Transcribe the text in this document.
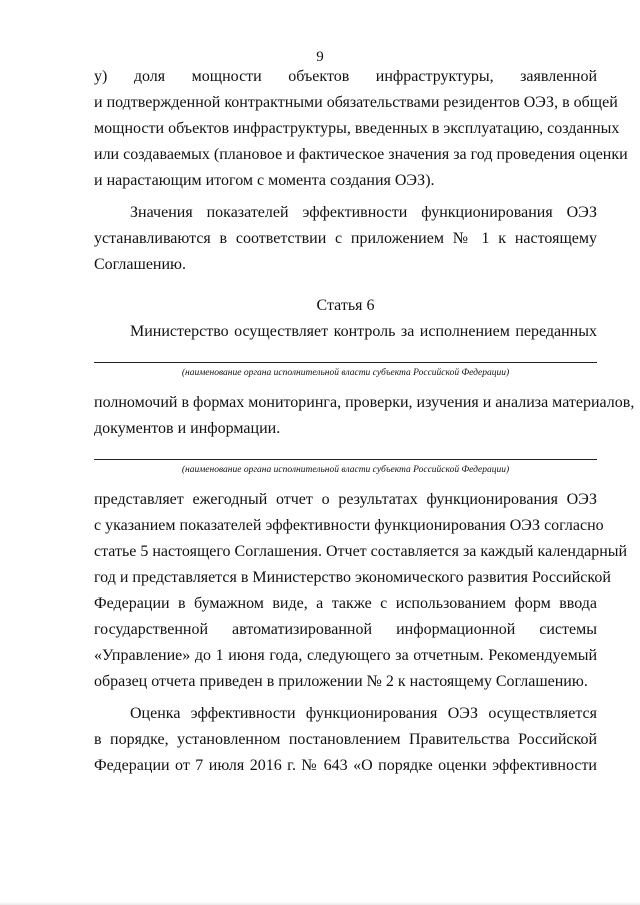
9
у)    доля    мощности    объектов    инфраструктуры,    заявленной
и подтвержденной контрактными обязательствами резидентов ОЭЗ, в общей
мощности объектов инфраструктуры, введенных в эксплуатацию, созданных
или создаваемых (плановое и фактическое значения за год проведения оценки
и нарастающим итогом с момента создания ОЭЗ).
Значения показателей эффективности функционирования ОЭЗ
устанавливаются в соответствии с приложением № 1 к настоящему
Соглашению.
Статья 6
Министерство осуществляет контроль за исполнением переданных
(наименование органа исполнительной власти субъекта Российской Федерации)
полномочий в формах мониторинга, проверки, изучения и анализа материалов,
документов и информации.
(наименование органа исполнительной власти субъекта Российской Федерации)
представляет ежегодный отчет о результатах функционирования ОЭЗ
с указанием показателей эффективности функционирования ОЭЗ согласно
статье 5 настоящего Соглашения. Отчет составляется за каждый календарный
год и представляется в Министерство экономического развития Российской
Федерации в бумажном виде, а также с использованием форм ввода
государственной автоматизированной информационной системы
«Управление» до 1 июня года, следующего за отчетным. Рекомендуемый
образец отчета приведен в приложении № 2 к настоящему Соглашению.
Оценка эффективности функционирования ОЭЗ осуществляется
в порядке, установленном постановлением Правительства Российской
Федерации от 7 июля 2016 г. № 643 «О порядке оценки эффективности
